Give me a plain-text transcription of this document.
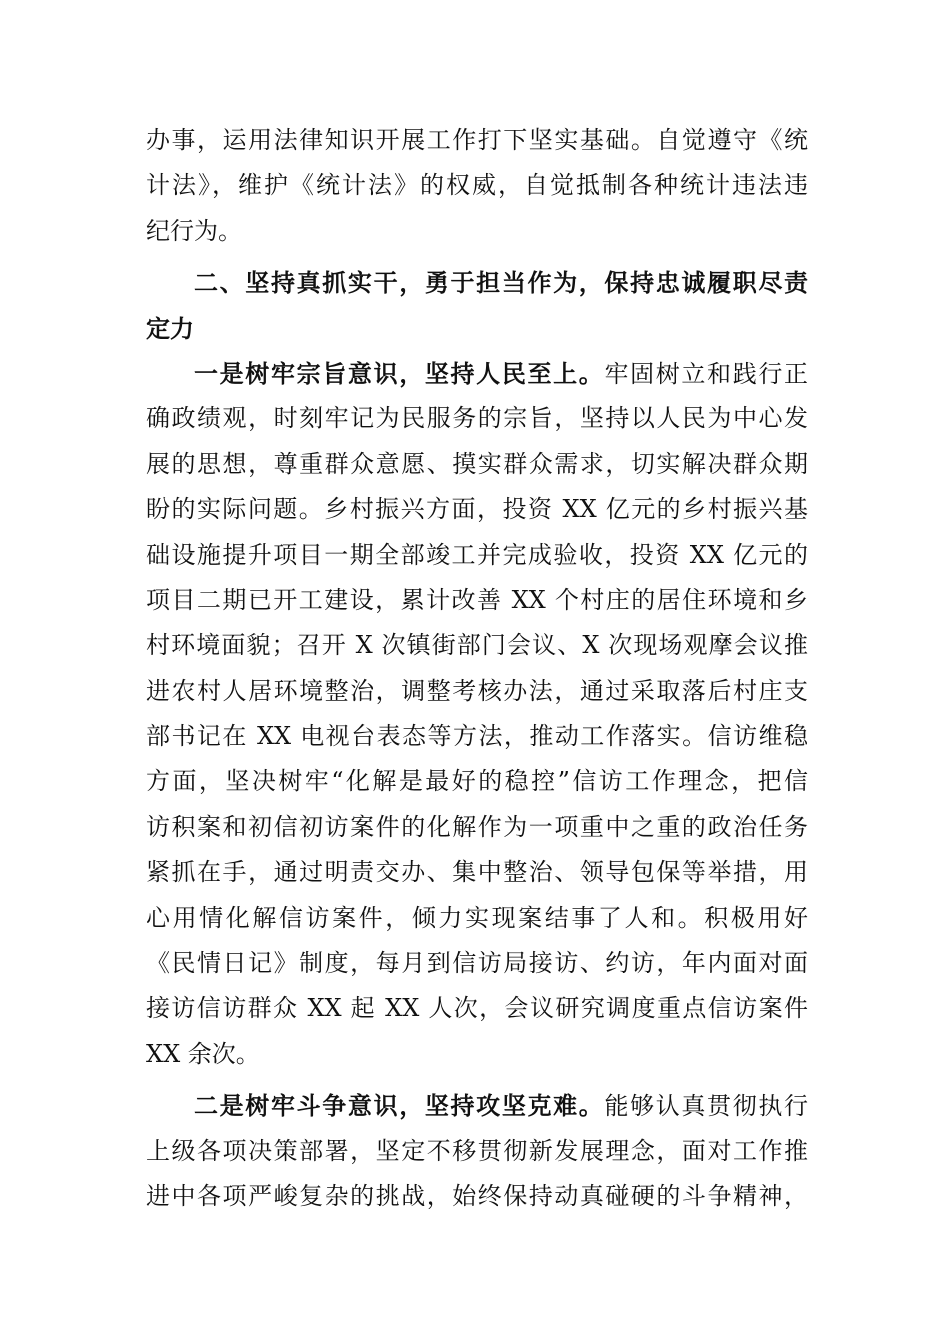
办事，运用法律知识开展工作打下坚实基础。自觉遵守《统
计法》，维护《统计法》的权威，自觉抵制各种统计违法违
纪行为。
二、坚持真抓实干，勇于担当作为，保持忠诚履职尽责
定力
一是树牢宗旨意识，坚持人民至上。牢固树立和践行正
确政绩观，时刻牢记为民服务的宗旨，坚持以人民为中心发
展的思想，尊重群众意愿、摸实群众需求，切实解决群众期
盼的实际问题。乡村振兴方面，投资 XX 亿元的乡村振兴基
础设施提升项目一期全部竣工并完成验收，投资 XX 亿元的
项目二期已开工建设，累计改善 XX 个村庄的居住环境和乡
村环境面貌；召开 X 次镇街部门会议、X 次现场观摩会议推
进农村人居环境整治，调整考核办法，通过采取落后村庄支
部书记在 XX 电视台表态等方法，推动工作落实。信访维稳
方面，坚决树牢“化解是最好的稳控”信访工作理念，把信
访积案和初信初访案件的化解作为一项重中之重的政治任务
紧抓在手，通过明责交办、集中整治、领导包保等举措，用
心用情化解信访案件，倾力实现案结事了人和。积极用好
《民情日记》制度，每月到信访局接访、约访，年内面对面
接访信访群众 XX 起 XX 人次，会议研究调度重点信访案件
XX 余次。
二是树牢斗争意识，坚持攻坚克难。能够认真贯彻执行
上级各项决策部署，坚定不移贯彻新发展理念，面对工作推
进中各项严峻复杂的挑战，始终保持动真碰硬的斗争精神，
